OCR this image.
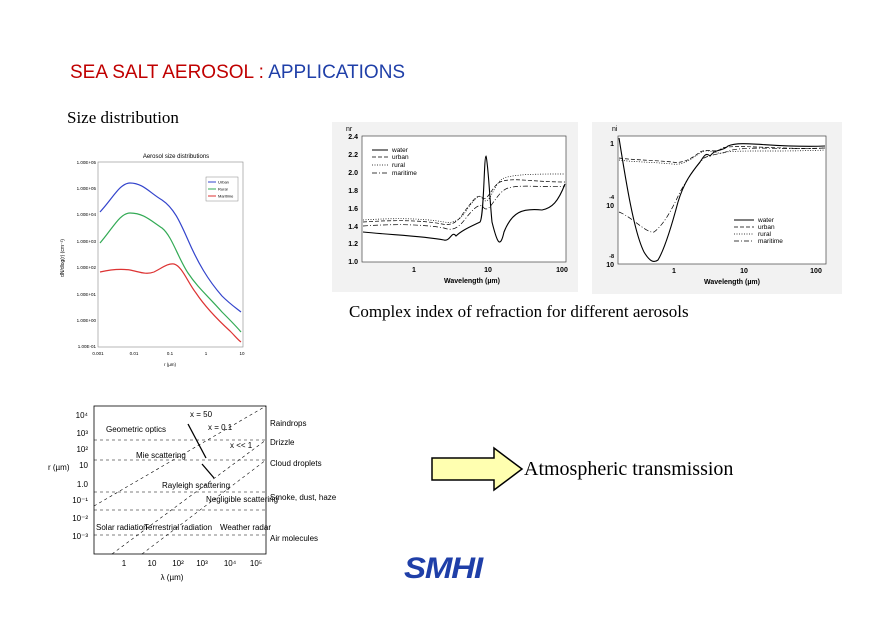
SEA SALT AEROSOL : APPLICATIONS
Size distribution
Complex index of refraction for different aerosols
Atmospheric transmission
Aerosol size distributions
dN/dlog(r) (cm⁻³)
1.00E+05
1.00E+05
1.00E+04
1.00E+03
1.00E+02
1.00E+01
1.00E+00
1.00E-01
0.001	0.01	0.1	1	10
r (µm)
Urban
Rural
Maritime
nr
2.4
2.2
2.0
1.8
1.6
1.4
1.2
1.0
1	10	100
Wavelength (µm)
water
urban
rural
maritime
ni
1
10
-4
10
-8
1	10	100
Wavelength (µm)
water
urban
rural
maritime
r (µm)
10⁴
10³
10²
10
1.0
10⁻¹
10⁻²
10⁻³
1	10 10² 10³ 10⁴ 10⁵
λ (µm)
x = 50
x = 0.1
x << 1
Geometric optics
Mie scattering
Rayleigh scattering
Negligible scattering
Raindrops
Drizzle
Cloud droplets
Smoke, dust, haze
Air molecules
Solar radiation
Terrestrial radiation Weather radar
SMHI
